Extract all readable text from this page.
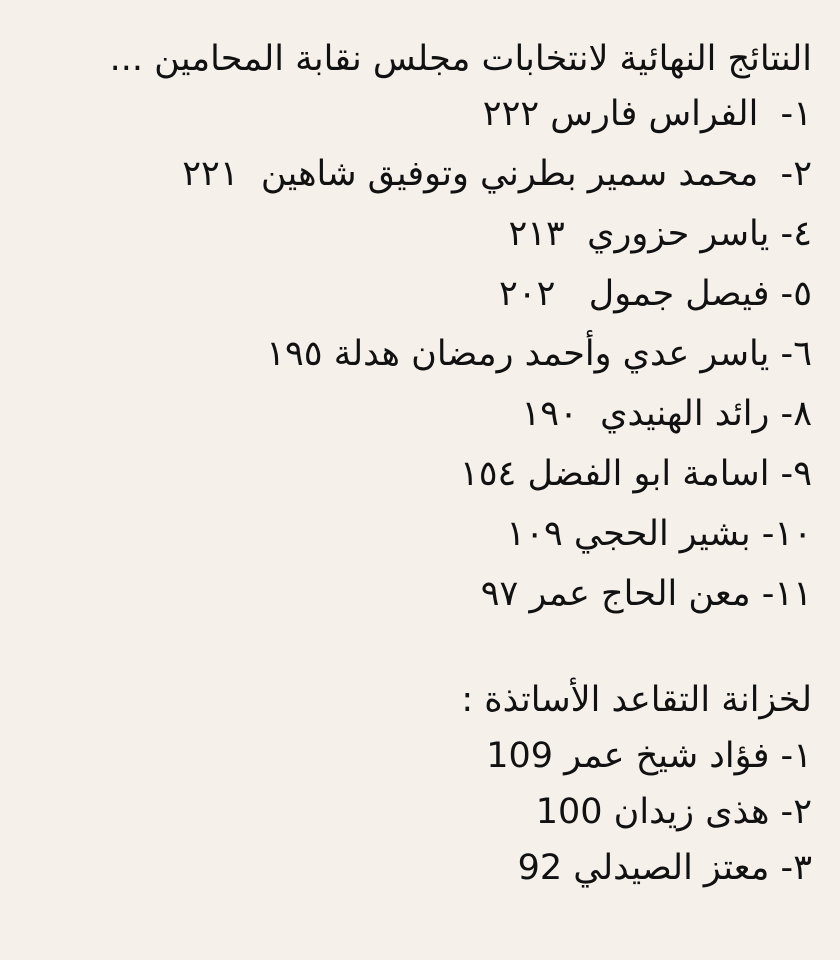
النتائج النهائية لانتخابات مجلس نقابة المحامين ...
١-  الفراس فارس ٢٢٢
٢-  محمد سمير بطرني وتوفيق شاهين  ٢٢١
٤- ياسر حزوري  ٢١٣
٥- فيصل جمول   ٢٠٢
٦- ياسر عدي وأحمد رمضان هدلة ١٩٥
٨- رائد الهنيدي  ١٩٠
٩- اسامة ابو الفضل ١٥٤
١٠- بشير الحجي ١٠٩
١١- معن الحاج عمر ٩٧
لخزانة التقاعد الأساتذة :
١- فؤاد شيخ عمر 109
٢- هذى زيدان 100
٣- معتز الصيدلي 92
